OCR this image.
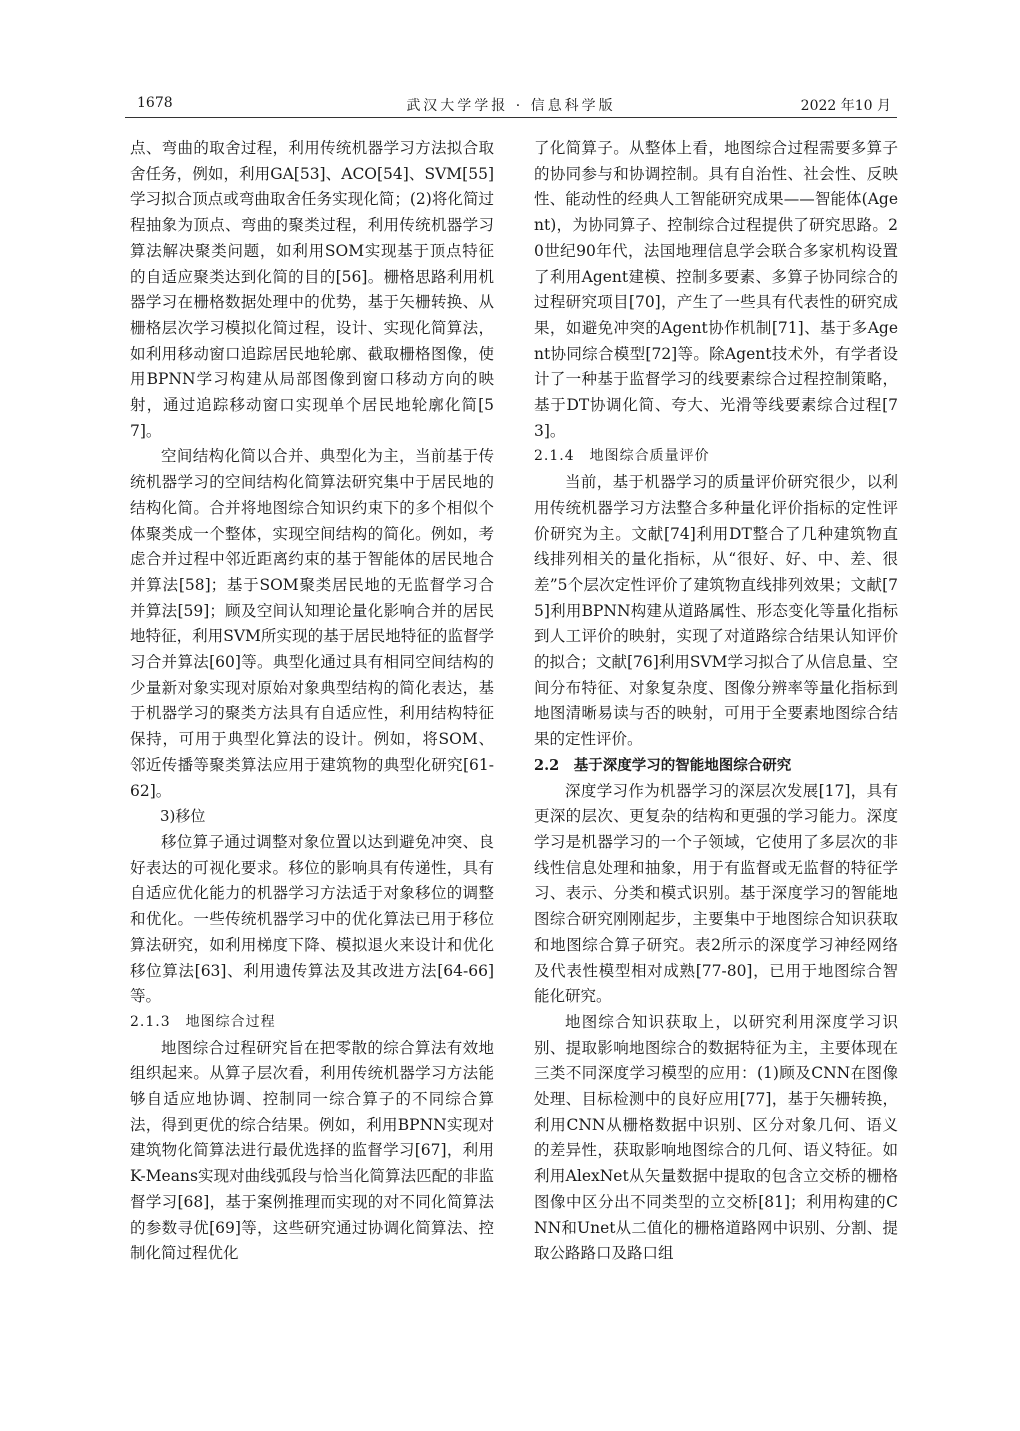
1678	武汉大学学报 · 信息科学版	2022 年10 月

点、弯曲的取舍过程，利用传统机器学习方法拟合取舍任务，例如，利用GA[53]、ACO[54]、SVM[55]学习拟合顶点或弯曲取舍任务实现化简；(2)将化简过程抽象为顶点、弯曲的聚类过程，利用传统机器学习算法解决聚类问题，如利用SOM实现基于顶点特征的自适应聚类达到化简的目的[56]。栅格思路利用机器学习在栅格数据处理中的优势，基于矢栅转换、从栅格层次学习模拟化简过程，设计、实现化简算法，如利用移动窗口追踪居民地轮廓、截取栅格图像，使用BPNN学习构建从局部图像到窗口移动方向的映射，通过追踪移动窗口实现单个居民地轮廓化简[57]。

空间结构化简以合并、典型化为主，当前基于传统机器学习的空间结构化简算法研究集中于居民地的结构化简。合并将地图综合知识约束下的多个相似个体聚类成一个整体，实现空间结构的简化。例如，考虑合并过程中邻近距离约束的基于智能体的居民地合并算法[58]；基于SOM聚类居民地的无监督学习合并算法[59]；顾及空间认知理论量化影响合并的居民地特征，利用SVM所实现的基于居民地特征的监督学习合并算法[60]等。典型化通过具有相同空间结构的少量新对象实现对原始对象典型结构的简化表达，基于机器学习的聚类方法具有自适应性，利用结构特征保持，可用于典型化算法的设计。例如，将SOM、邻近传播等聚类算法应用于建筑物的典型化研究[61-62]。

3)移位

移位算子通过调整对象位置以达到避免冲突、良好表达的可视化要求。移位的影响具有传递性，具有自适应优化能力的机器学习方法适于对象移位的调整和优化。一些传统机器学习中的优化算法已用于移位算法研究，如利用梯度下降、模拟退火来设计和优化移位算法[63]、利用遗传算法及其改进方法[64-66]等。

2.1.3　地图综合过程

地图综合过程研究旨在把零散的综合算法有效地组织起来。从算子层次看，利用传统机器学习方法能够自适应地协调、控制同一综合算子的不同综合算法，得到更优的综合结果。例如，利用BPNN实现对建筑物化简算法进行最优选择的监督学习[67]，利用K-Means实现对曲线弧段与恰当化简算法匹配的非监督学习[68]，基于案例推理而实现的对不同化简算法的参数寻优[69]等，这些研究通过协调化简算法、控制化简过程优化

了化简算子。从整体上看，地图综合过程需要多算子的协同参与和协调控制。具有自治性、社会性、反映性、能动性的经典人工智能研究成果——智能体(Agent)，为协同算子、控制综合过程提供了研究思路。20世纪90年代，法国地理信息学会联合多家机构设置了利用Agent建模、控制多要素、多算子协同综合的过程研究项目[70]，产生了一些具有代表性的研究成果，如避免冲突的Agent协作机制[71]、基于多Agent协同综合模型[72]等。除Agent技术外，有学者设计了一种基于监督学习的线要素综合过程控制策略，基于DT协调化简、夸大、光滑等线要素综合过程[73]。

2.1.4　地图综合质量评价

当前，基于机器学习的质量评价研究很少，以利用传统机器学习方法整合多种量化评价指标的定性评价研究为主。文献[74]利用DT整合了几种建筑物直线排列相关的量化指标，从“很好、好、中、差、很差”5个层次定性评价了建筑物直线排列效果；文献[75]利用BPNN构建从道路属性、形态变化等量化指标到人工评价的映射，实现了对道路综合结果认知评价的拟合；文献[76]利用SVM学习拟合了从信息量、空间分布特征、对象复杂度、图像分辨率等量化指标到地图清晰易读与否的映射，可用于全要素地图综合结果的定性评价。

2.2　基于深度学习的智能地图综合研究

深度学习作为机器学习的深层次发展[17]，具有更深的层次、更复杂的结构和更强的学习能力。深度学习是机器学习的一个子领域，它使用了多层次的非线性信息处理和抽象，用于有监督或无监督的特征学习、表示、分类和模式识别。基于深度学习的智能地图综合研究刚刚起步，主要集中于地图综合知识获取和地图综合算子研究。表2所示的深度学习神经网络及代表性模型相对成熟[77-80]，已用于地图综合智能化研究。

地图综合知识获取上，以研究利用深度学习识别、提取影响地图综合的数据特征为主，主要体现在三类不同深度学习模型的应用：(1)顾及CNN在图像处理、目标检测中的良好应用[77]，基于矢栅转换，利用CNN从栅格数据中识别、区分对象几何、语义的差异性，获取影响地图综合的几何、语义特征。如利用AlexNet从矢量数据中提取的包含立交桥的栅格图像中区分出不同类型的立交桥[81]；利用构建的CNN和Unet从二值化的栅格道路网中识别、分割、提取公路路口及路口组
